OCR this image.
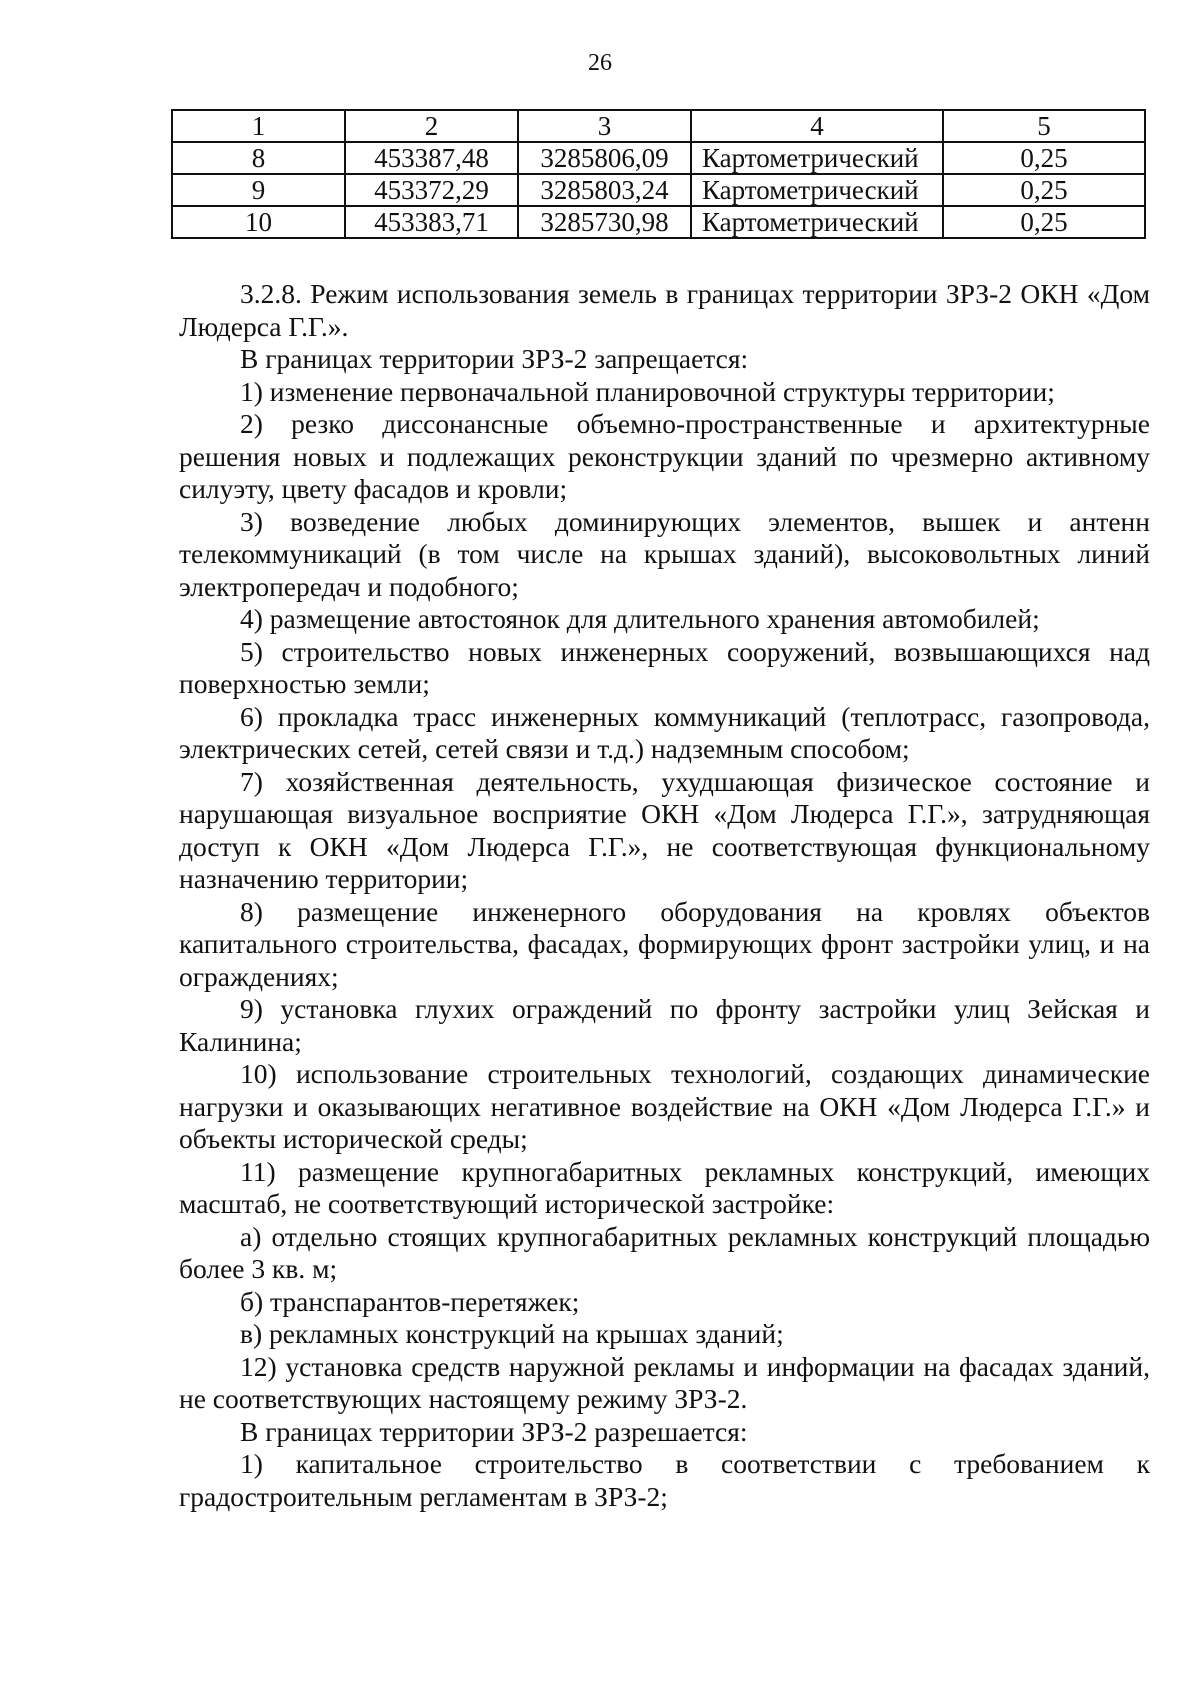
26
1	2	3	4	5
8	453387,48	3285806,09	Картометрический	0,25
9	453372,29	3285803,24	Картометрический	0,25
10	453383,71	3285730,98	Картометрический	0,25

3.2.8. Режим использования земель в границах территории ЗРЗ-2 ОКН «Дом Людерса Г.Г.».

В границах территории ЗРЗ-2 запрещается:

1) изменение первоначальной планировочной структуры территории;

2) резко диссонансные объемно-пространственные и архитектурные решения новых и подлежащих реконструкции зданий по чрезмерно активному силуэту, цвету фасадов и кровли;

3) возведение любых доминирующих элементов, вышек и антенн телекоммуникаций (в том числе на крышах зданий), высоковольтных линий электропередач и подобного;

4) размещение автостоянок для длительного хранения автомобилей;

5) строительство новых инженерных сооружений, возвышающихся над поверхностью земли;

6) прокладка трасс инженерных коммуникаций (теплотрасс, газопровода, электрических сетей, сетей связи и т.д.) надземным способом;

7) хозяйственная деятельность, ухудшающая физическое состояние и нарушающая визуальное восприятие ОКН «Дом Людерса Г.Г.», затрудняющая доступ к ОКН «Дом Людерса Г.Г.», не соответствующая функциональному назначению территории;

8) размещение инженерного оборудования на кровлях объектов капитального строительства, фасадах, формирующих фронт застройки улиц, и на ограждениях;

9) установка глухих ограждений по фронту застройки улиц Зейская и Калинина;

10) использование строительных технологий, создающих динамические нагрузки и оказывающих негативное воздействие на ОКН «Дом Людерса Г.Г.» и объекты исторической среды;

11) размещение крупногабаритных рекламных конструкций, имеющих масштаб, не соответствующий исторической застройке:

а) отдельно стоящих крупногабаритных рекламных конструкций площадью более 3 кв. м;

б) транспарантов-перетяжек;

в) рекламных конструкций на крышах зданий;

12) установка средств наружной рекламы и информации на фасадах зданий, не соответствующих настоящему режиму ЗРЗ-2.

В границах территории ЗРЗ-2 разрешается:

1) капитальное строительство в соответствии с требованием к градостроительным регламентам в ЗРЗ-2;
